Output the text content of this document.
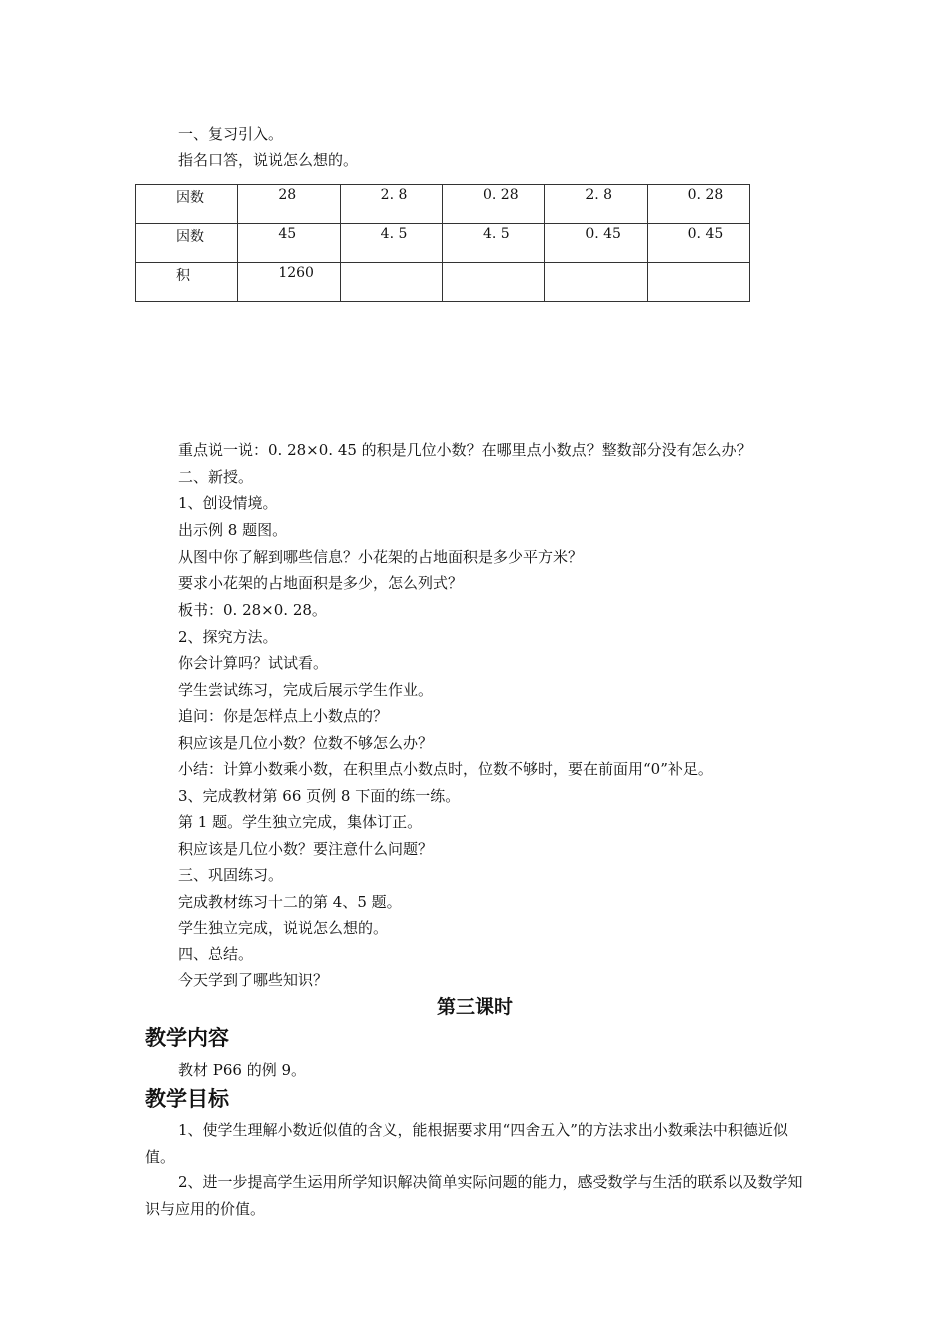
一、复习引入。
指名口答，说说怎么想的。
因数	28	2. 8	0. 28	2. 8	0. 28
因数	45	4. 5	4. 5	0. 45	0. 45
积	1260				
重点说一说：0. 28×0. 45 的积是几位小数？在哪里点小数点？整数部分没有怎么办？
二、新授。
1、创设情境。
出示例 8 题图。
从图中你了解到哪些信息？小花架的占地面积是多少平方米？
要求小花架的占地面积是多少，怎么列式？
板书：0. 28×0. 28。
2、探究方法。
你会计算吗？试试看。
学生尝试练习，完成后展示学生作业。
追问：你是怎样点上小数点的？
积应该是几位小数？位数不够怎么办？
小结：计算小数乘小数，在积里点小数点时，位数不够时，要在前面用“0”补足。
3、完成教材第 66 页例 8 下面的练一练。
第 1 题。学生独立完成，集体订正。
积应该是几位小数？要注意什么问题？
三、巩固练习。
完成教材练习十二的第 4、5 题。
学生独立完成，说说怎么想的。
四、总结。
今天学到了哪些知识？
第三课时
教学内容
教材 P66 的例 9。
教学目标
1、使学生理解小数近似值的含义，能根据要求用“四舍五入”的方法求出小数乘法中积德近似值。
2、进一步提高学生运用所学知识解决简单实际问题的能力，感受数学与生活的联系以及数学知识与应用的价值。
